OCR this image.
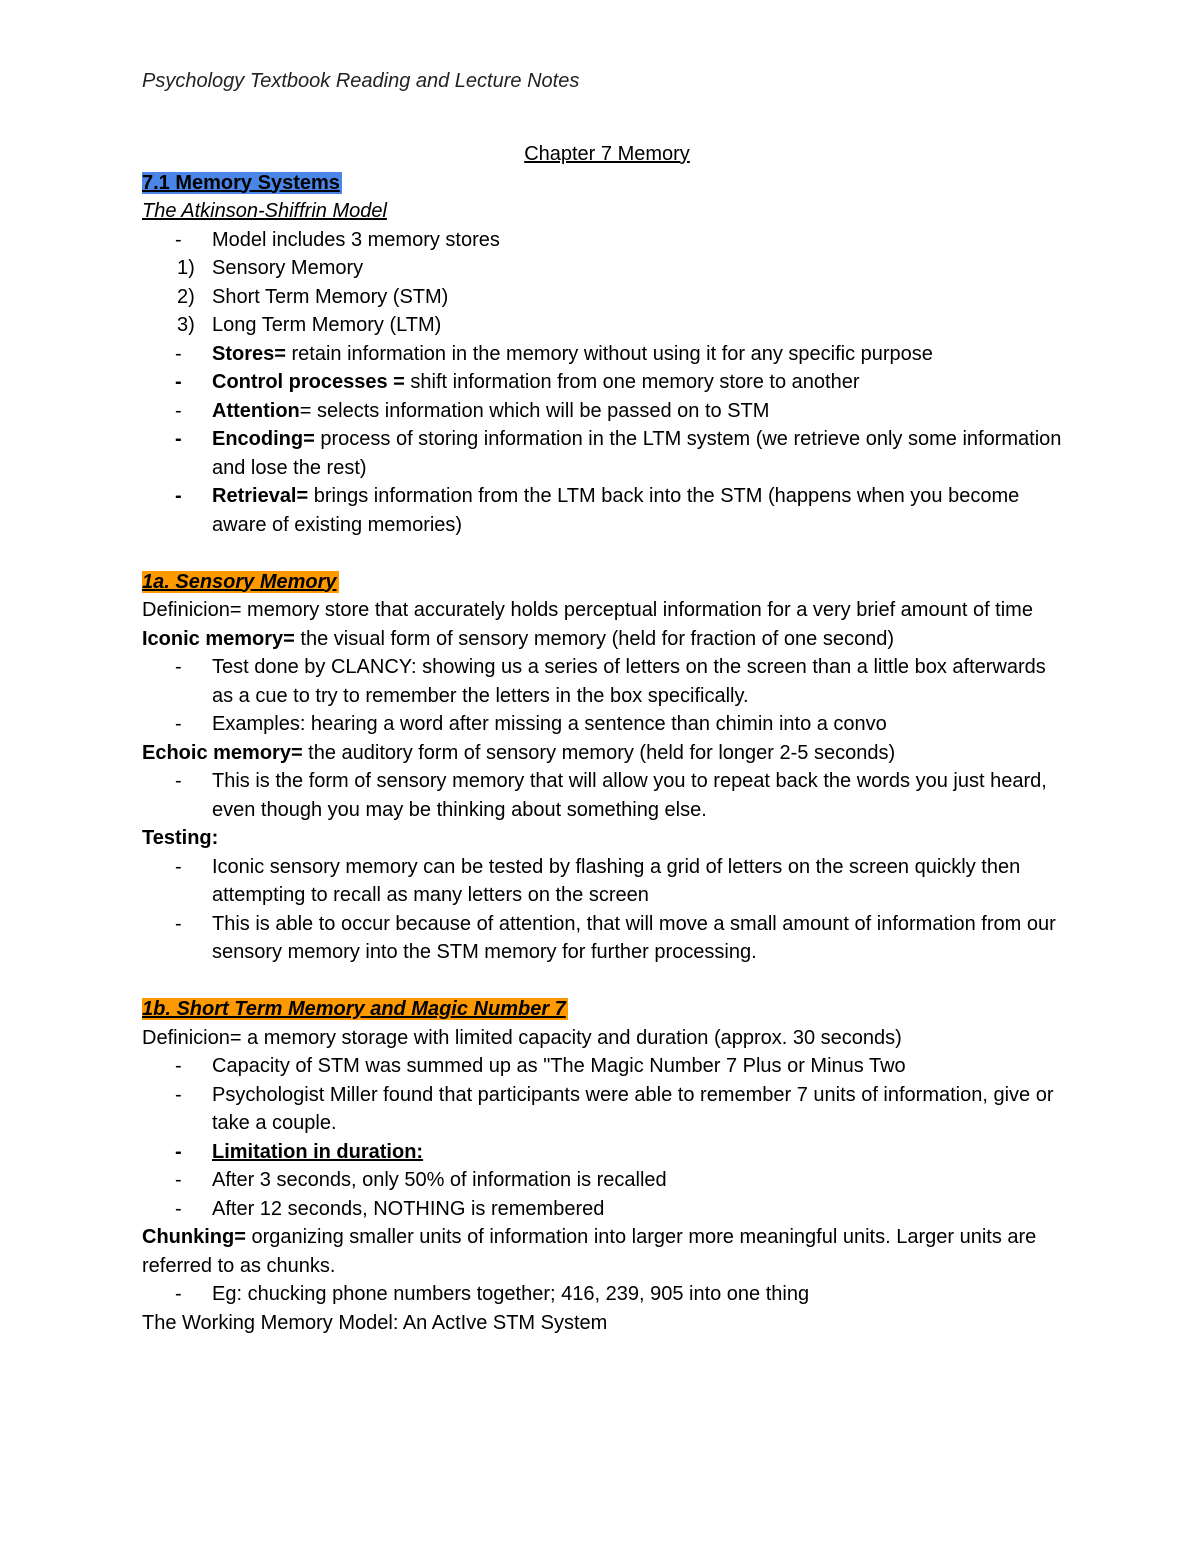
Psychology Textbook Reading and Lecture Notes

Chapter 7 Memory

7.1 Memory Systems

The Atkinson-Shiffrin Model

-	Model includes 3 memory stores
1) Sensory Memory
2) Short Term Memory (STM)
3) Long Term Memory (LTM)
-	Stores= retain information in the memory without using it for any specific purpose
-	Control processes = shift information from one memory store to another
-	Attention= selects information which will be passed on to STM
-	Encoding= process of storing information in the LTM system (we retrieve only some information and lose the rest)
-	Retrieval= brings information from the LTM back into the STM (happens when you become aware of existing memories)

1a. Sensory Memory

Definicion= memory store that accurately holds perceptual information for a very brief amount of time

Iconic memory= the visual form of sensory memory (held for fraction of one second)

-	Test done by CLANCY: showing us a series of letters on the screen than a little box afterwards as a cue to try to remember the letters in the box specifically.
-	Examples: hearing a word after missing a sentence than chimin into a convo

Echoic memory= the auditory form of sensory memory (held for longer 2-5 seconds)

-	This is the form of sensory memory that will allow you to repeat back the words you just heard, even though you may be thinking about something else.

Testing:

-	Iconic sensory memory can be tested by flashing a grid of letters on the screen quickly then attempting to recall as many letters on the screen
-	This is able to occur because of attention, that will move a small amount of information from our sensory memory into the STM memory for further processing.

1b. Short Term Memory and Magic Number 7

Definicion= a memory storage with limited capacity and duration (approx. 30 seconds)

-	Capacity of STM was summed up as "The Magic Number 7 Plus or Minus Two
-	Psychologist Miller found that participants were able to remember 7 units of information, give or take a couple.
-	Limitation in duration:
-	After 3 seconds, only 50% of information is recalled
-	After 12 seconds, NOTHING is remembered

Chunking= organizing smaller units of information into larger more meaningful units. Larger units are referred to as chunks.

-	Eg: chucking phone numbers together; 416, 239, 905 into one thing

The Working Memory Model: An ActIve STM System
